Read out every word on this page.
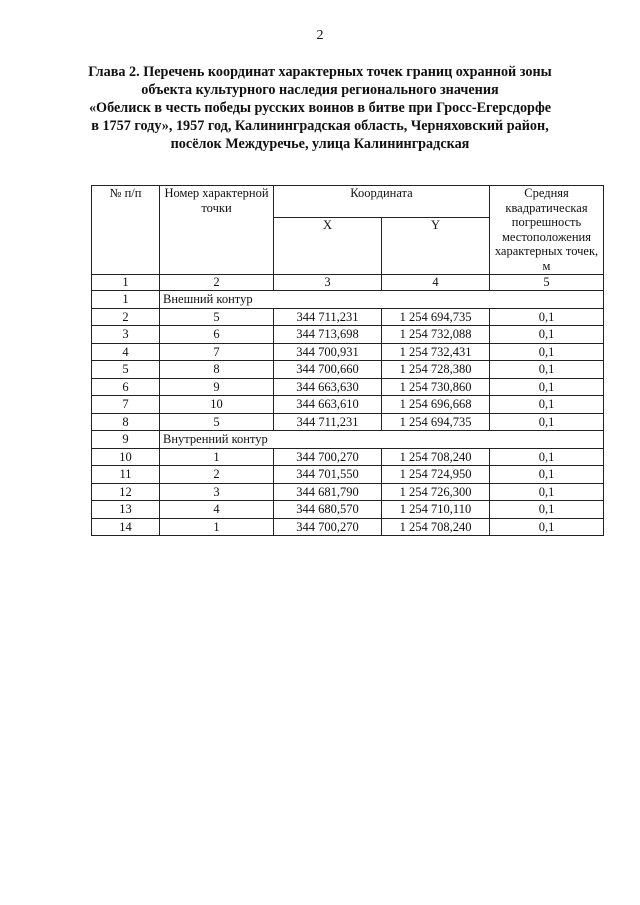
2
Глава 2. Перечень координат характерных точек границ охранной зоны
объекта культурного наследия регионального значения
«Обелиск в честь победы русских воинов в битве при Гросс-Егерсдорфе
в 1757 году», 1957 год, Калининградская область, Черняховский район,
посёлок Междуречье, улица Калининградская
№ п/п	Номер характерной точки	Координата		Средняя квадратическая погрешность местоположения характерных точек, м
		X	Y	
1	2	3	4	5
1	Внешний контур			
2	5	344 711,231	1 254 694,735	0,1
3	6	344 713,698	1 254 732,088	0,1
4	7	344 700,931	1 254 732,431	0,1
5	8	344 700,660	1 254 728,380	0,1
6	9	344 663,630	1 254 730,860	0,1
7	10	344 663,610	1 254 696,668	0,1
8	5	344 711,231	1 254 694,735	0,1
9	Внутренний контур			
10	1	344 700,270	1 254 708,240	0,1
11	2	344 701,550	1 254 724,950	0,1
12	3	344 681,790	1 254 726,300	0,1
13	4	344 680,570	1 254 710,110	0,1
14	1	344 700,270	1 254 708,240	0,1
